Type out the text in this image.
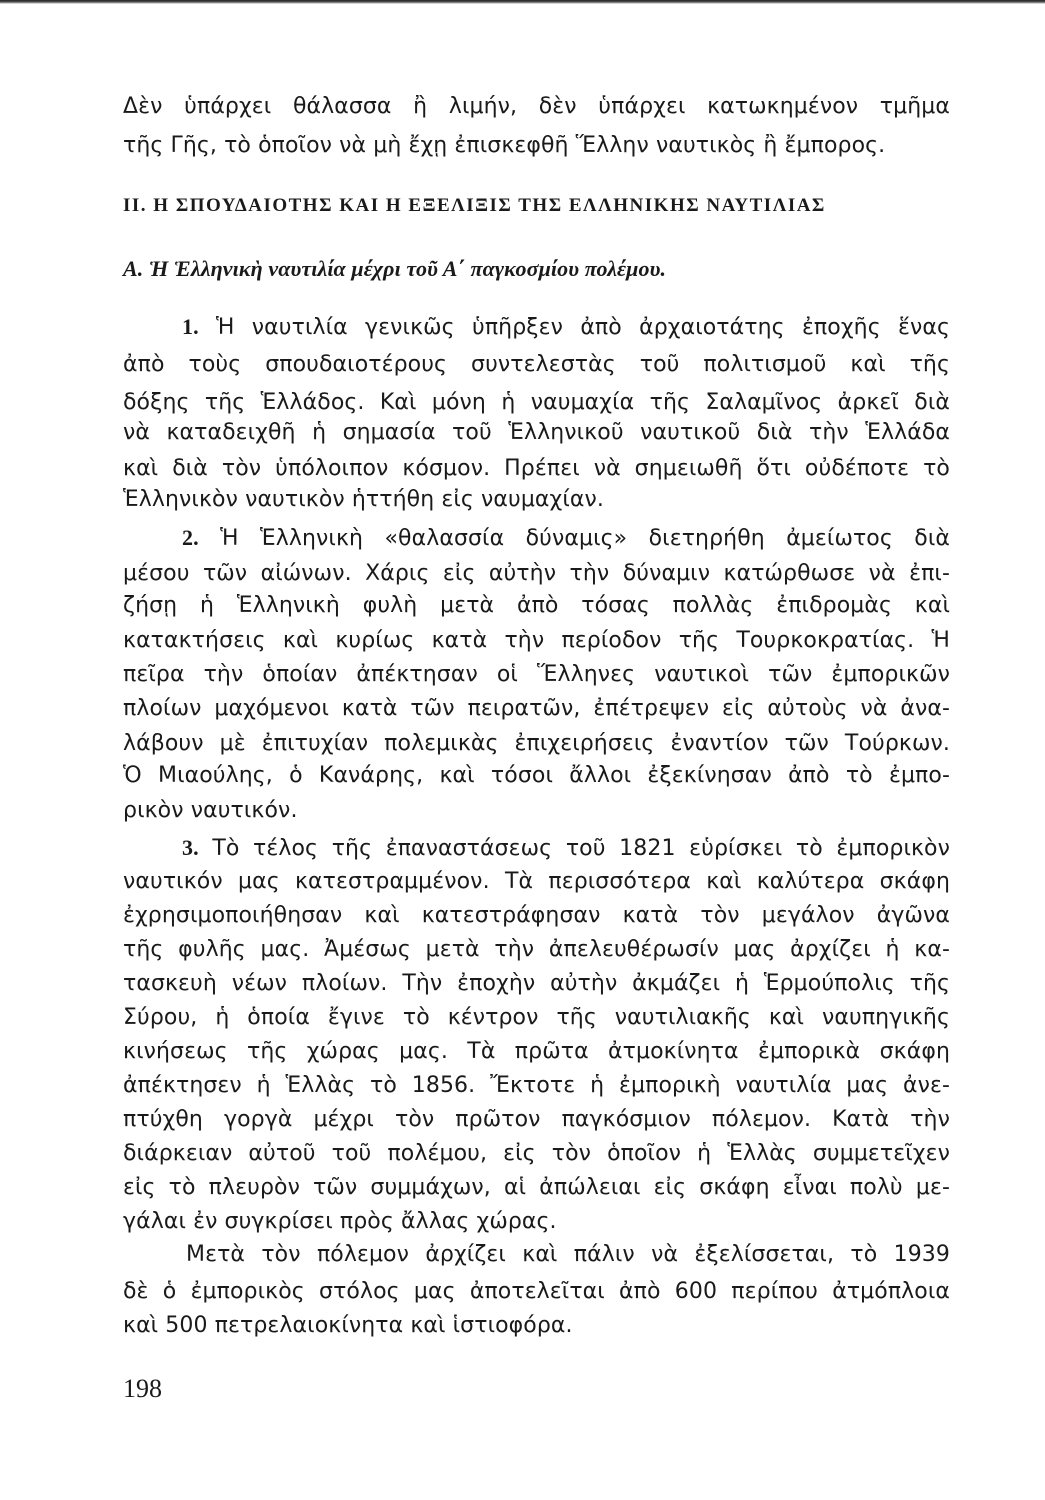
Δὲν ὑπάρχει θάλασσα ἢ λιμήν, δὲν ὑπάρχει κατωκημένον τμῆμα
τῆς Γῆς, τὸ ὁποῖον νὰ μὴ ἔχῃ ἐπισκεφθῆ Ἕλλην ναυτικὸς ἢ ἔμπορος.
II. Η ΣΠΟΥΔΑΙΟΤΗΣ ΚΑΙ Η ΕΞΕΛΙΞΙΣ ΤΗΣ ΕΛΛΗΝΙΚΗΣ ΝΑΥΤΙΛΙΑΣ
Α. Ἡ Ἑλληνικὴ ναυτιλία μέχρι τοῦ Α΄ παγκοσμίου πολέμου.
1. Ἡ ναυτιλία γενικῶς ὑπῆρξεν ἀπὸ ἀρχαιοτάτης ἐποχῆς ἕνας
ἀπὸ τοὺς σπουδαιοτέρους συντελεστὰς τοῦ πολιτισμοῦ καὶ τῆς
δόξης τῆς Ἑλλάδος. Καὶ μόνη ἡ ναυμαχία τῆς Σαλαμῖνος ἀρκεῖ διὰ
νὰ καταδειχθῆ ἡ σημασία τοῦ Ἑλληνικοῦ ναυτικοῦ διὰ τὴν Ἑλλάδα
καὶ διὰ τὸν ὑπόλοιπον κόσμον. Πρέπει νὰ σημειωθῆ ὅτι οὐδέποτε τὸ
Ἑλληνικὸν ναυτικὸν ἡττήθη εἰς ναυμαχίαν.
2. Ἡ Ἑλληνικὴ «θαλασσία δύναμις» διετηρήθη ἀμείωτος διὰ
μέσου τῶν αἰώνων. Χάρις εἰς αὐτὴν τὴν δύναμιν κατώρθωσε νὰ ἐπι-
ζήσῃ ἡ Ἑλληνικὴ φυλὴ μετὰ ἀπὸ τόσας πολλὰς ἐπιδρομὰς καὶ
κατακτήσεις καὶ κυρίως κατὰ τὴν περίοδον τῆς Τουρκοκρατίας. Ἡ
πεῖρα τὴν ὁποίαν ἀπέκτησαν οἱ Ἕλληνες ναυτικοὶ τῶν ἐμπορικῶν
πλοίων μαχόμενοι κατὰ τῶν πειρατῶν, ἐπέτρεψεν εἰς αὐτοὺς νὰ ἀνα-
λάβουν μὲ ἐπιτυχίαν πολεμικὰς ἐπιχειρήσεις ἐναντίον τῶν Τούρκων.
Ὁ Μιαούλης, ὁ Κανάρης, καὶ τόσοι ἄλλοι ἐξεκίνησαν ἀπὸ τὸ ἐμπο-
ρικὸν ναυτικόν.
3. Τὸ τέλος τῆς ἐπαναστάσεως τοῦ 1821 εὑρίσκει τὸ ἐμπορικὸν
ναυτικόν μας κατεστραμμένον. Τὰ περισσότερα καὶ καλύτερα σκάφη
ἐχρησιμοποιήθησαν καὶ κατεστράφησαν κατὰ τὸν μεγάλον ἀγῶνα
τῆς φυλῆς μας. Ἀμέσως μετὰ τὴν ἀπελευθέρωσίν μας ἀρχίζει ἡ κα-
τασκευὴ νέων πλοίων. Τὴν ἐποχὴν αὐτὴν ἀκμάζει ἡ Ἑρμούπολις τῆς
Σύρου, ἡ ὁποία ἔγινε τὸ κέντρον τῆς ναυτιλιακῆς καὶ ναυπηγικῆς
κινήσεως τῆς χώρας μας. Τὰ πρῶτα ἀτμοκίνητα ἐμπορικὰ σκάφη
ἀπέκτησεν ἡ Ἑλλὰς τὸ 1856. Ἔκτοτε ἡ ἐμπορικὴ ναυτιλία μας ἀνε-
πτύχθη γοργὰ μέχρι τὸν πρῶτον παγκόσμιον πόλεμον. Κατὰ τὴν
διάρκειαν αὐτοῦ τοῦ πολέμου, εἰς τὸν ὁποῖον ἡ Ἑλλὰς συμμετεῖχεν
εἰς τὸ πλευρὸν τῶν συμμάχων, αἱ ἀπώλειαι εἰς σκάφη εἶναι πολὺ με-
γάλαι ἐν συγκρίσει πρὸς ἄλλας χώρας.
Μετὰ τὸν πόλεμον ἀρχίζει καὶ πάλιν νὰ ἐξελίσσεται, τὸ 1939
δὲ ὁ ἐμπορικὸς στόλος μας ἀποτελεῖται ἀπὸ 600 περίπου ἀτμόπλοια
καὶ 500 πετρελαιοκίνητα καὶ ἱστιοφόρα.
198
